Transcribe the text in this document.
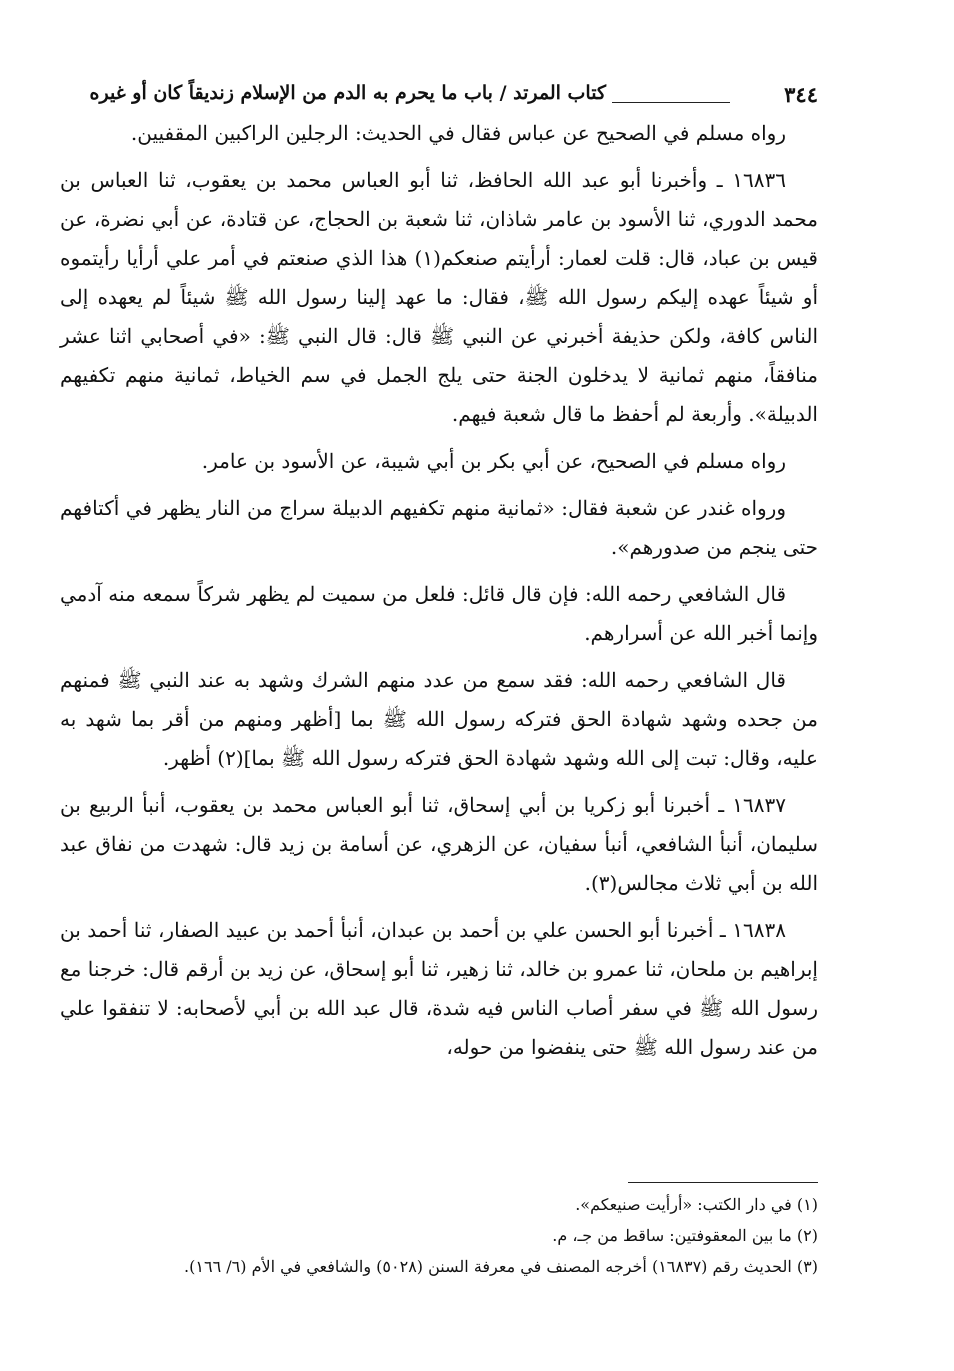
٣٤٤
كتاب المرتد / باب ما يحرم به الدم من الإسلام زنديقاً كان أو غيره

رواه مسلم في الصحيح عن عباس فقال في الحديث: الرجلين الراكبين المقفيين.

١٦٨٣٦ ـ وأخبرنا أبو عبد الله الحافظ، ثنا أبو العباس محمد بن يعقوب، ثنا العباس بن محمد الدوري، ثنا الأسود بن عامر شاذان، ثنا شعبة بن الحجاج، عن قتادة، عن أبي نضرة، عن قيس بن عباد، قال: قلت لعمار: أرأيتم صنعكم(١) هذا الذي صنعتم في أمر علي أرأيا رأيتموه أو شيئاً عهده إليكم رسول الله ﷺ، فقال: ما عهد إلينا رسول الله ﷺ شيئاً لم يعهده إلى الناس كافة، ولكن حذيفة أخبرني عن النبي ﷺ قال: قال النبي ﷺ: «في أصحابي اثنا عشر منافقاً، منهم ثمانية لا يدخلون الجنة حتى يلج الجمل في سم الخياط، ثمانية منهم تكفيهم الدبيلة». وأربعة لم أحفظ ما قال شعبة فيهم.

رواه مسلم في الصحيح، عن أبي بكر بن أبي شيبة، عن الأسود بن عامر.

ورواه غندر عن شعبة فقال: «ثمانية منهم تكفيهم الدبيلة سراج من النار يظهر في أكتافهم حتى ينجم من صدورهم».

قال الشافعي رحمه الله: فإن قال قائل: فلعل من سميت لم يظهر شركاً سمعه منه آدمي وإنما أخبر الله عن أسرارهم.

قال الشافعي رحمه الله: فقد سمع من عدد منهم الشرك وشهد به عند النبي ﷺ فمنهم من جحده وشهد شهادة الحق فتركه رسول الله ﷺ بما [أظهر ومنهم من أقر بما شهد به عليه، وقال: تبت إلى الله وشهد شهادة الحق فتركه رسول الله ﷺ بما](٢) أظهر.

١٦٨٣٧ ـ أخبرنا أبو زكريا بن أبي إسحاق، ثنا أبو العباس محمد بن يعقوب، أنبأ الربيع بن سليمان، أنبأ الشافعي، أنبأ سفيان، عن الزهري، عن أسامة بن زيد قال: شهدت من نفاق عبد الله بن أبي ثلاث مجالس(٣).

١٦٨٣٨ ـ أخبرنا أبو الحسن علي بن أحمد بن عبدان، أنبأ أحمد بن عبيد الصفار، ثنا أحمد بن إبراهيم بن ملحان، ثنا عمرو بن خالد، ثنا زهير، ثنا أبو إسحاق، عن زيد بن أرقم قال: خرجنا مع رسول الله ﷺ في سفر أصاب الناس فيه شدة، قال عبد الله بن أبي لأصحابه: لا تنفقوا علي من عند رسول الله ﷺ حتى ينفضوا من حوله،

(١) في دار الكتب: «أرأيت صنيعكم».

(٢) ما بين المعقوفتين: ساقط من جـ، م.

(٣) الحديث رقم (١٦٨٣٧) أخرجه المصنف في معرفة السنن (٥٠٢٨) والشافعي في الأم (٦/ ١٦٦).
